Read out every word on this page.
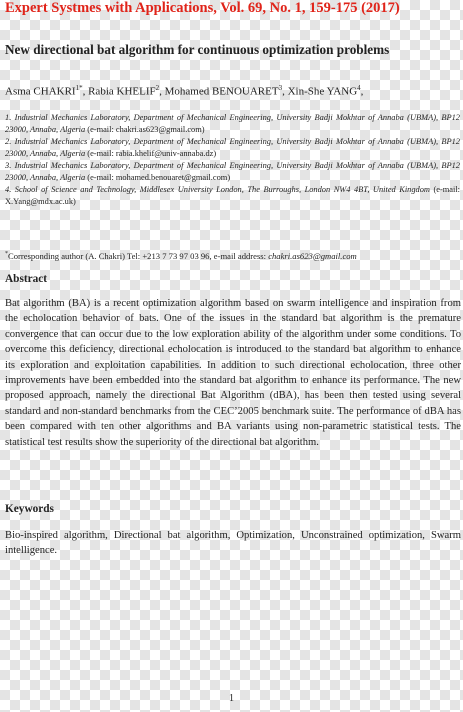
Expert Systmes with Applications, Vol. 69, No. 1, 159-175 (2017)
New directional bat algorithm for continuous optimization problems
Asma $CHAKRI^{1*}$, Rabia KHELIF$^2$, Mohamed BENOUARET$^3$, Xin-She YANG$^4$,
1. Industrial Mechanics Laboratory, Department of Mechanical Engineering, University Badji Mokhtar of Annaba (UBMA), BP12 23000, Annaba, Algeria (e-mail: chakri.as623@gmail.com)
2. Industrial Mechanics Laboratory, Department of Mechanical Engineering, University Badji Mokhtar of Annaba (UBMA), BP12 23000, Annaba, Algeria (e-mail: rabia.khelif@univ-annaba.dz)
3. Industrial Mechanics Laboratory, Department of Mechanical Engineering, University Badji Mokhtar of Annaba (UBMA), BP12 23000, Annaba, Algeria (e-mail: mohamed.benouaret@gmail.com)
4. School of Science and Technology, Middlesex University London, The Burroughs, London NW4 4BT, United Kingdom (e-mail: X.Yang@mdx.ac.uk)
*Corresponding author (A. Chakri) Tel: +213 7 73 97 03 96, e-mail address: chakri.as623@gmail.com
Abstract
Bat algorithm (BA) is a recent optimization algorithm based on swarm intelligence and inspiration from the echolocation behavior of bats. One of the issues in the standard bat algorithm is the premature convergence that can occur due to the low exploration ability of the algorithm under some conditions. To overcome this deficiency, directional echolocation is introduced to the standard bat algorithm to enhance its exploration and exploitation capabilities. In addition to such directional echolocation, three other improvements have been embedded into the standard bat algorithm to enhance its performance. The new proposed approach, namely the directional Bat Algorithm (dBA), has been then tested using several standard and non-standard benchmarks from the CEC’2005 benchmark suite. The performance of dBA has been compared with ten other algorithms and BA variants using non-parametric statistical tests. The statistical test results show the superiority of the directional bat algorithm.
Keywords
Bio-inspired algorithm, Directional bat algorithm, Optimization, Unconstrained optimization, Swarm intelligence.
1
